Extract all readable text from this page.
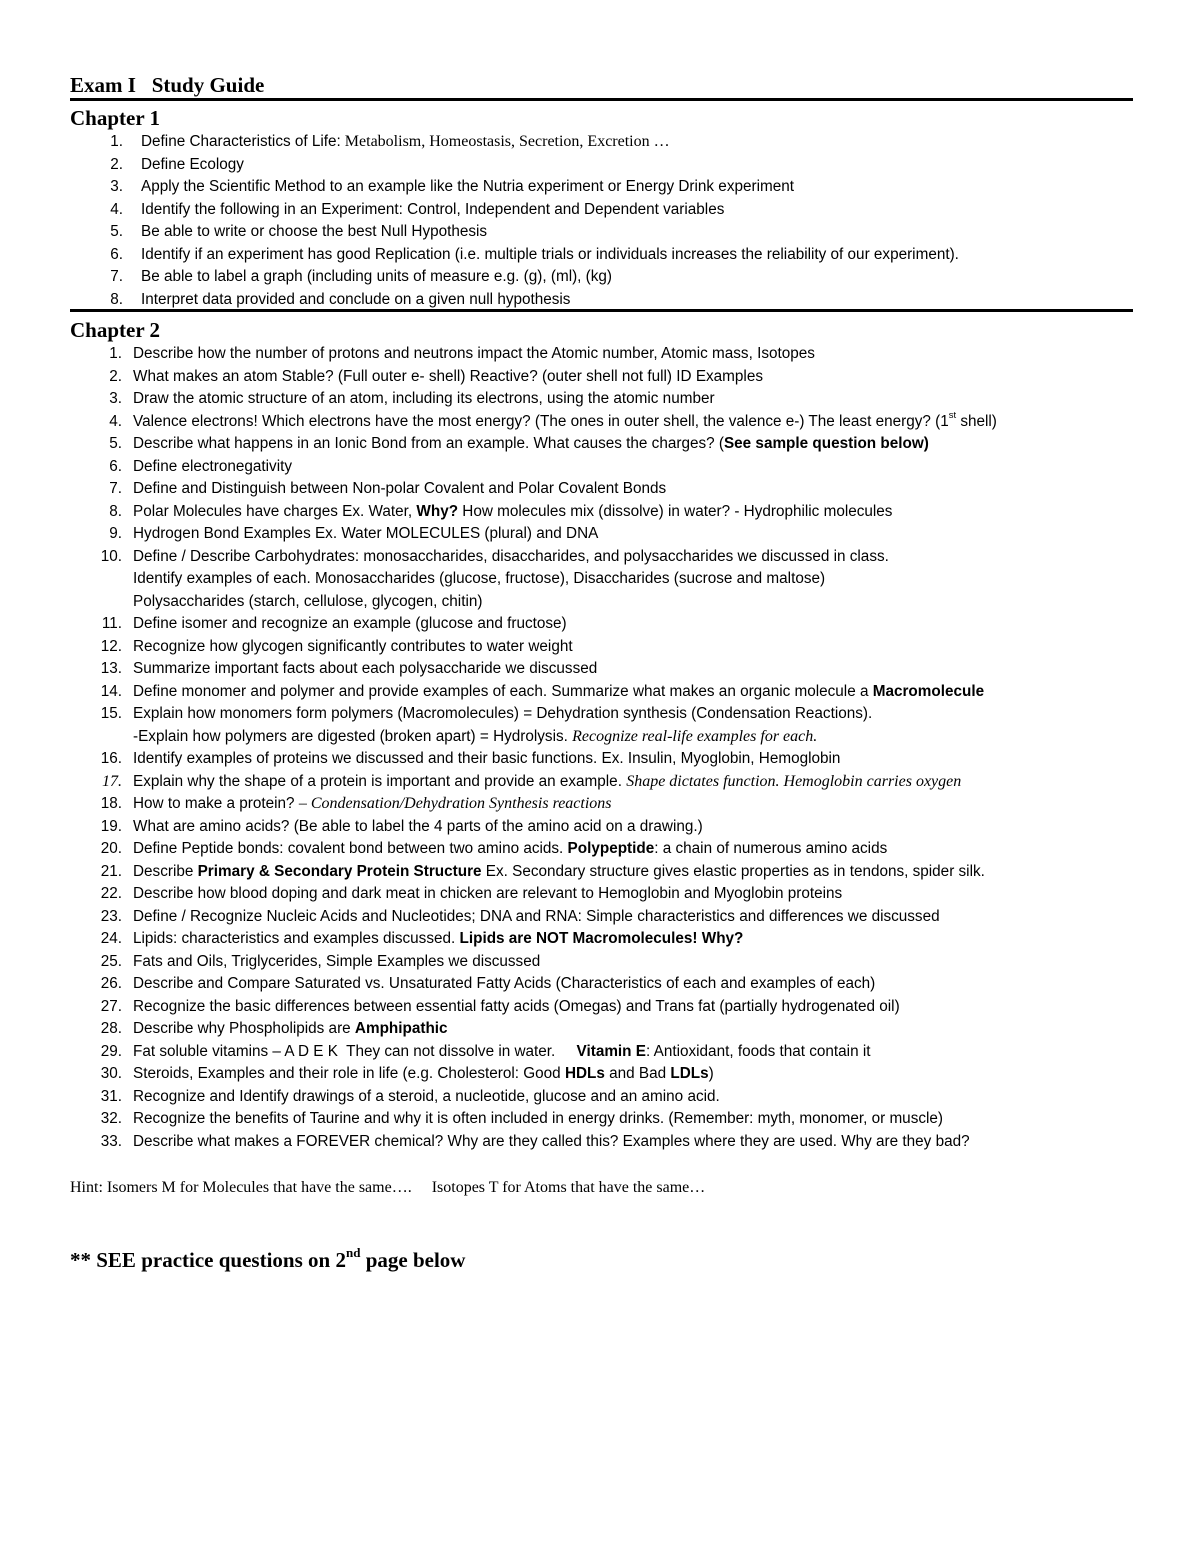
Exam I Study Guide
Chapter 1
1. Define Characteristics of Life: Metabolism, Homeostasis, Secretion, Excretion …
2. Define Ecology
3. Apply the Scientific Method to an example like the Nutria experiment or Energy Drink experiment
4. Identify the following in an Experiment: Control, Independent and Dependent variables
5. Be able to write or choose the best Null Hypothesis
6. Identify if an experiment has good Replication (i.e. multiple trials or individuals increases the reliability of our experiment).
7. Be able to label a graph (including units of measure e.g. (g), (ml), (kg)
8. Interpret data provided and conclude on a given null hypothesis
Chapter 2
1. Describe how the number of protons and neutrons impact the Atomic number, Atomic mass, Isotopes
2. What makes an atom Stable? (Full outer e- shell) Reactive? (outer shell not full) ID Examples
3. Draw the atomic structure of an atom, including its electrons, using the atomic number
4. Valence electrons! Which electrons have the most energy? (The ones in outer shell, the valence e-) The least energy? (1st shell)
5. Describe what happens in an Ionic Bond from an example. What causes the charges? (See sample question below)
6. Define electronegativity
7. Define and Distinguish between Non-polar Covalent and Polar Covalent Bonds
8. Polar Molecules have charges Ex. Water, Why? How molecules mix (dissolve) in water? - Hydrophilic molecules
9. Hydrogen Bond Examples Ex. Water MOLECULES (plural) and DNA
10. Define / Describe Carbohydrates: monosaccharides, disaccharides, and polysaccharides we discussed in class.
Identify examples of each. Monosaccharides (glucose, fructose), Disaccharides (sucrose and maltose)
Polysaccharides (starch, cellulose, glycogen, chitin)
11. Define isomer and recognize an example (glucose and fructose)
12. Recognize how glycogen significantly contributes to water weight
13. Summarize important facts about each polysaccharide we discussed
14. Define monomer and polymer and provide examples of each. Summarize what makes an organic molecule a Macromolecule
15. Explain how monomers form polymers (Macromolecules) = Dehydration synthesis (Condensation Reactions).
-Explain how polymers are digested (broken apart) = Hydrolysis. Recognize real-life examples for each.
16. Identify examples of proteins we discussed and their basic functions. Ex. Insulin, Myoglobin, Hemoglobin
17. Explain why the shape of a protein is important and provide an example. Shape dictates function. Hemoglobin carries oxygen
18. How to make a protein? – Condensation/Dehydration Synthesis reactions
19. What are amino acids? (Be able to label the 4 parts of the amino acid on a drawing.)
20. Define Peptide bonds: covalent bond between two amino acids. Polypeptide: a chain of numerous amino acids
21. Describe Primary & Secondary Protein Structure Ex. Secondary structure gives elastic properties as in tendons, spider silk.
22. Describe how blood doping and dark meat in chicken are relevant to Hemoglobin and Myoglobin proteins
23. Define / Recognize Nucleic Acids and Nucleotides; DNA and RNA: Simple characteristics and differences we discussed
24. Lipids: characteristics and examples discussed. Lipids are NOT Macromolecules! Why?
25. Fats and Oils, Triglycerides, Simple Examples we discussed
26. Describe and Compare Saturated vs. Unsaturated Fatty Acids (Characteristics of each and examples of each)
27. Recognize the basic differences between essential fatty acids (Omegas) and Trans fat (partially hydrogenated oil)
28. Describe why Phospholipids are Amphipathic
29. Fat soluble vitamins – A D E K  They can not dissolve in water.     Vitamin E: Antioxidant, foods that contain it
30. Steroids, Examples and their role in life (e.g. Cholesterol: Good HDLs and Bad LDLs)
31. Recognize and Identify drawings of a steroid, a nucleotide, glucose and an amino acid.
32. Recognize the benefits of Taurine and why it is often included in energy drinks. (Remember: myth, monomer, or muscle)
33. Describe what makes a FOREVER chemical? Why are they called this? Examples where they are used. Why are they bad?
Hint: Isomers M for Molecules that have the same….     Isotopes T for Atoms that have the same…
** SEE practice questions on 2nd page below
